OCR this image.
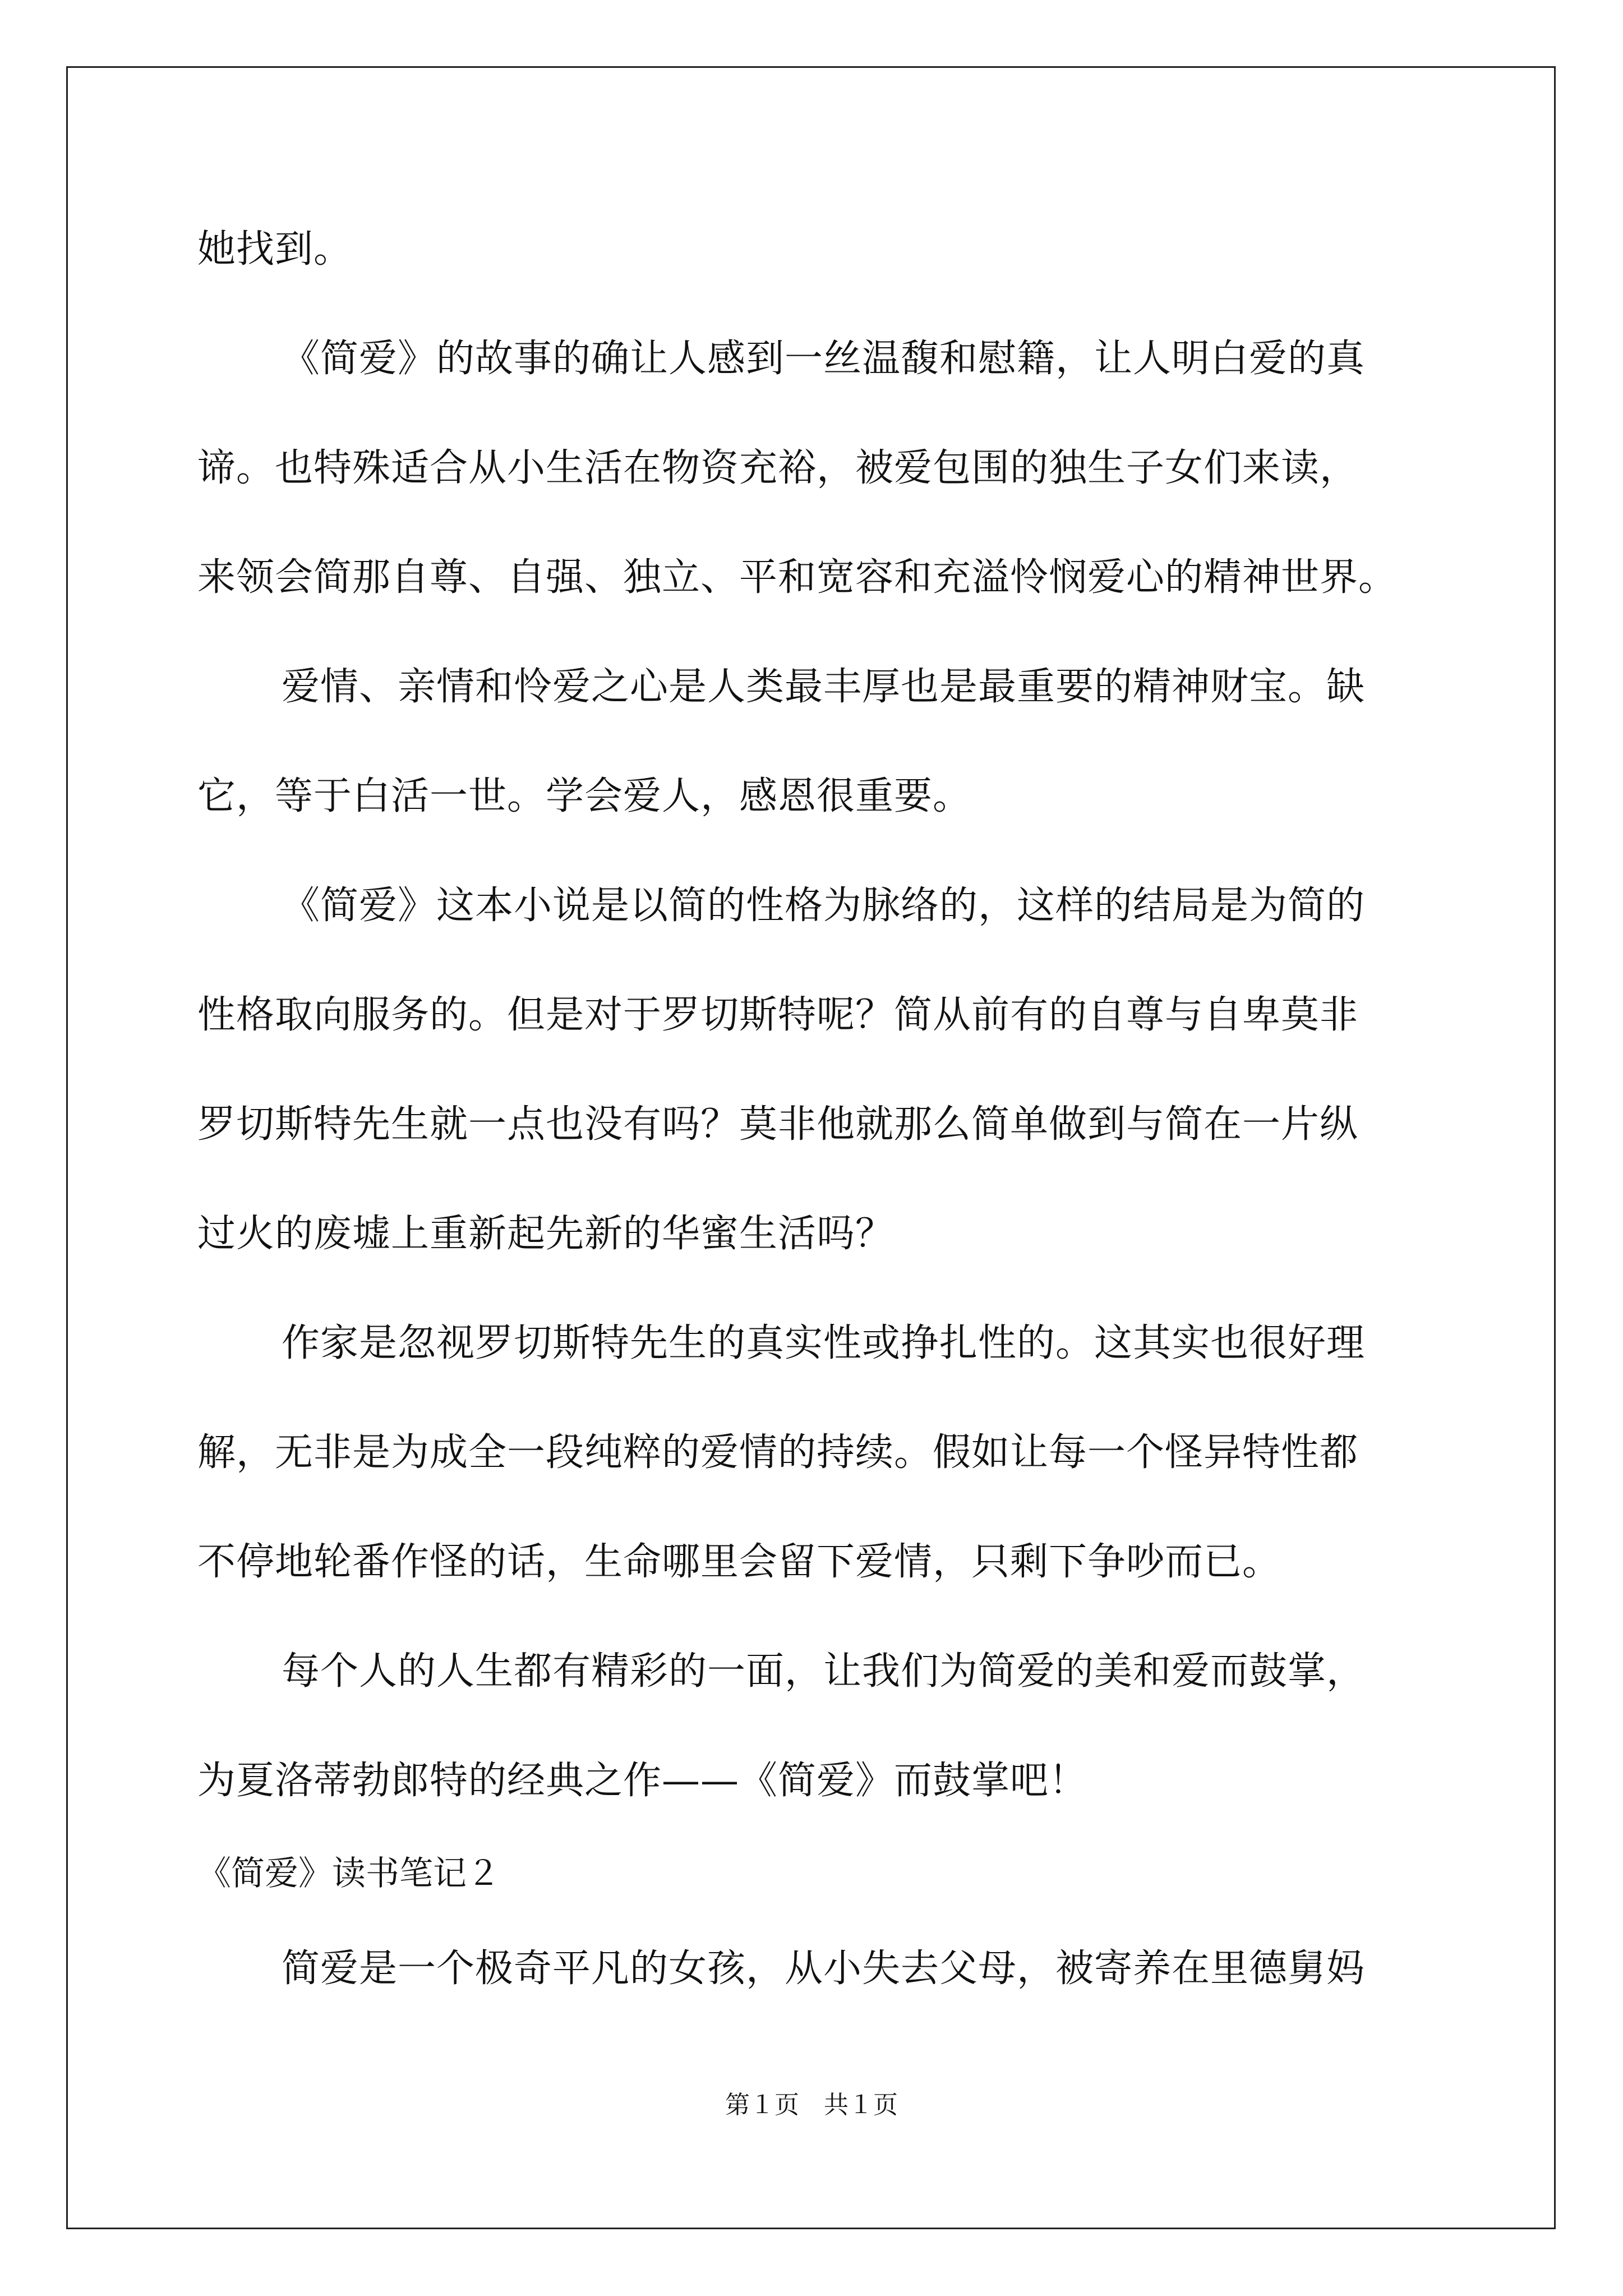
她找到。
《简爱》的故事的确让人感到一丝温馥和慰籍，让人明白爱的真
谛。也特殊适合从小生活在物资充裕，被爱包围的独生子女们来读，
来领会简那自尊、自强、独立、平和宽容和充溢怜悯爱心的精神世界。
爱情、亲情和怜爱之心是人类最丰厚也是最重要的精神财宝。缺
它，等于白活一世。学会爱人，感恩很重要。
《简爱》这本小说是以简的性格为脉络的，这样的结局是为简的
性格取向服务的。但是对于罗切斯特呢？简从前有的自尊与自卑莫非
罗切斯特先生就一点也没有吗？莫非他就那么简单做到与简在一片纵
过火的废墟上重新起先新的华蜜生活吗？
作家是忽视罗切斯特先生的真实性或挣扎性的。这其实也很好理
解，无非是为成全一段纯粹的爱情的持续。假如让每一个怪异特性都
不停地轮番作怪的话，生命哪里会留下爱情，只剩下争吵而已。
每个人的人生都有精彩的一面，让我们为简爱的美和爱而鼓掌，
为夏洛蒂勃郎特的经典之作——《简爱》而鼓掌吧！
《简爱》读书笔记２
简爱是一个极奇平凡的女孩，从小失去父母，被寄养在里德舅妈
第１页　共１页
